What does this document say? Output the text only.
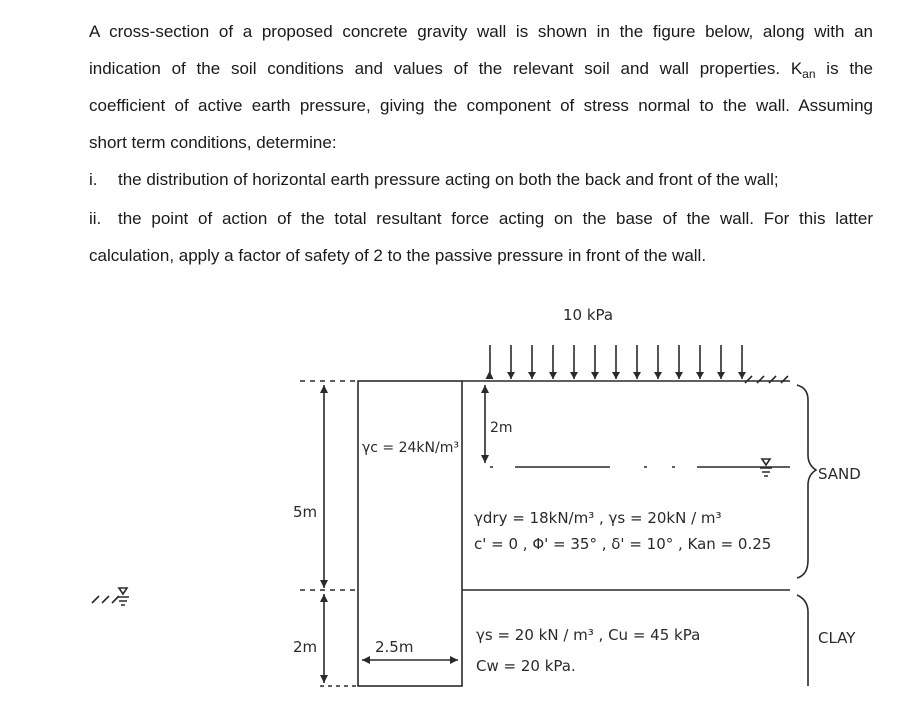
A cross-section of a proposed concrete gravity wall is shown in the figure below, along with an
indication of the soil conditions and values of the relevant soil and wall properties. $K_{an}$ is the
coefficient of active earth pressure, giving the component of stress normal to the wall. Assuming
short term conditions, determine:
i. the distribution of horizontal earth pressure acting on both the back and front of the wall;
ii. the point of action of the total resultant force acting on the base of the wall. For this latter
calculation, apply a factor of safety of 2 to the passive pressure in front of the wall.
10 kPa
2m
γc = 24kN/m³
SAND
CLAY
5m
2m	2.5m
γdry = 18kN/m³ , γs = 20kN / m³
c' = 0 , Φ' = 35° , δ' = 10° , Kan = 0.25
γs = 20 kN / m³ , Cu = 45 kPa
Cw = 20 kPa.
